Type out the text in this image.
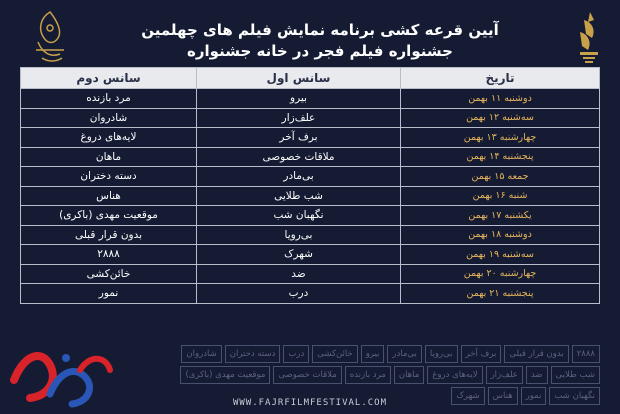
آیین قرعه کشی برنامه نمایش فیلم های چهلمین
جشنواره فیلم فجر در خانه جشنواره
تاریخ	سانس اول	سانس دوم
دوشنبه ۱۱ بهمن	بیرو	مرد بازنده
سه‌شنبه ۱۲ بهمن	علف‌زار	شادروان
چهارشنبه ۱۳ بهمن	برف آخر	لایه‌های دروغ
پنجشنبه ۱۴ بهمن	ملاقات خصوصی	ماهان
جمعه ۱۵ بهمن	بی‌مادر	دسته دختران
شنبه ۱۶ بهمن	شب طلایی	هناس
یکشنبه ۱۷ بهمن	نگهبان شب	موقعیت مهدی (باکری)
دوشنبه ۱۸ بهمن	بی‌رویا	بدون قرار قبلی
سه‌شنبه ۱۹ بهمن	شهرک	۲۸۸۸
چهارشنبه ۲۰ بهمن	ضد	خائن‌کشی
پنجشنبه ۲۱ بهمن	درب	نمور
۲۸۸۸
بدون قرار قبلی
برف آخر
بی‌رویا
بی‌مادر
بیرو
خائن‌کشی
درب
دسته دختران
شادروان
شب طلایی
ضد
علف‌زار
لایه‌های دروغ
ماهان
مرد بازنده
ملاقات خصوصی
موقعیت مهدی (باکری)
نگهبان شب
نمور
هناس
شهرک
WWW.FAJRFILMFESTIVAL.COM
